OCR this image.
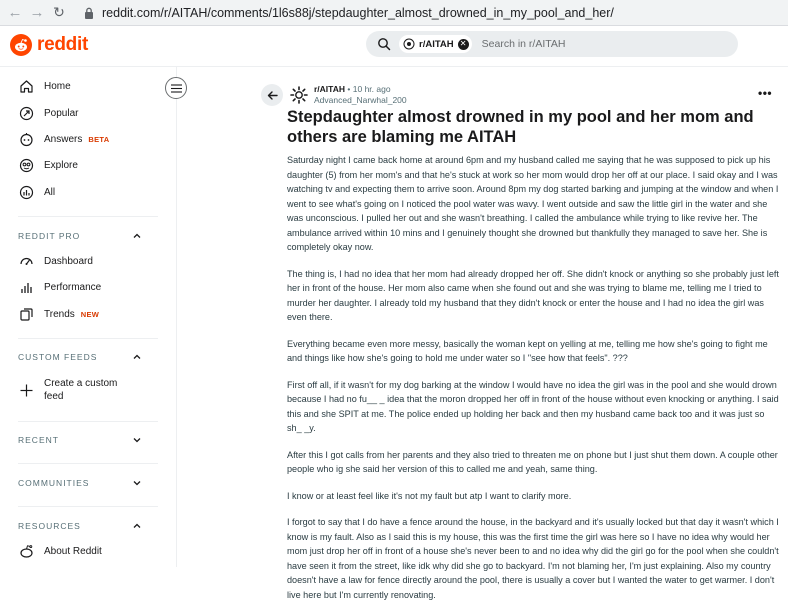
← → ↻	reddit.com/r/AITAH/comments/1l6s88j/stepdaughter_almost_drowned_in_my_pool_and_her/
reddit	r/AITAH ✕ Search in r/AITAH
Home
Popular
Answers BETA
Explore
All
REDDIT PRO
Dashboard
Performance
Trends NEW
CUSTOM FEEDS
Create a custom
feed
RECENT
COMMUNITIES
RESOURCES
About Reddit
r/AITAH • 10 hr. ago
Advanced_Narwhal_200	•••
Stepdaughter almost drowned in my pool and her mom and others are blaming me AITAH

Saturday night I came back home at around 6pm and my husband called me saying that he was supposed to pick up his daughter (5) from her mom's and that he's stuck at work so her mom would drop her off at our place. I said okay and I was watching tv and expecting them to arrive soon. Around 8pm my dog started barking and jumping at the window and when I went to see what's going on I noticed the pool water was wavy. I went outside and saw the little girl in the water and she was unconscious. I pulled her out and she wasn't breathing. I called the ambulance while trying to like revive her. The ambulance arrived within 10 mins and I genuinely thought she drowned but thankfully they managed to save her. She is completely okay now.

The thing is, I had no idea that her mom had already dropped her off. She didn't knock or anything so she probably just left her in front of the house. Her mom also came when she found out and she was trying to blame me, telling me I tried to murder her daughter. I already told my husband that they didn't knock or enter the house and I had no idea the girl was even there.

Everything became even more messy, basically the woman kept on yelling at me, telling me how she's going to fight me and things like how she's going to hold me under water so I "see how that feels". ???

First off all, if it wasn't for my dog barking at the window I would have no idea the girl was in the pool and she would drown because I had no fu__ _ idea that the moron dropped her off in front of the house without even knocking or anything. I said this and she SPIT at me. The police ended up holding her back and then my husband came back too and it was just so sh_ _y.

After this I got calls from her parents and they also tried to threaten me on phone but I just shut them down. A couple other people who ig she said her version of this to called me and yeah, same thing.

I know or at least feel like it's not my fault but atp I want to clarify more.

I forgot to say that I do have a fence around the house, in the backyard and it's usually locked but that day it wasn't which I know is my fault. Also as I said this is my house, this was the first time the girl was here so I have no idea why would her mom just drop her off in front of a house she's never been to and no idea why did the girl go for the pool when she couldn't have seen it from the street, like idk why did she go to backyard. I'm not blaming her, I'm just explaining. Also my country doesn't have a law for fence directly around the pool, there is usually a cover but I wanted the water to get warmer. I don't live here but I'm currently renovating.
